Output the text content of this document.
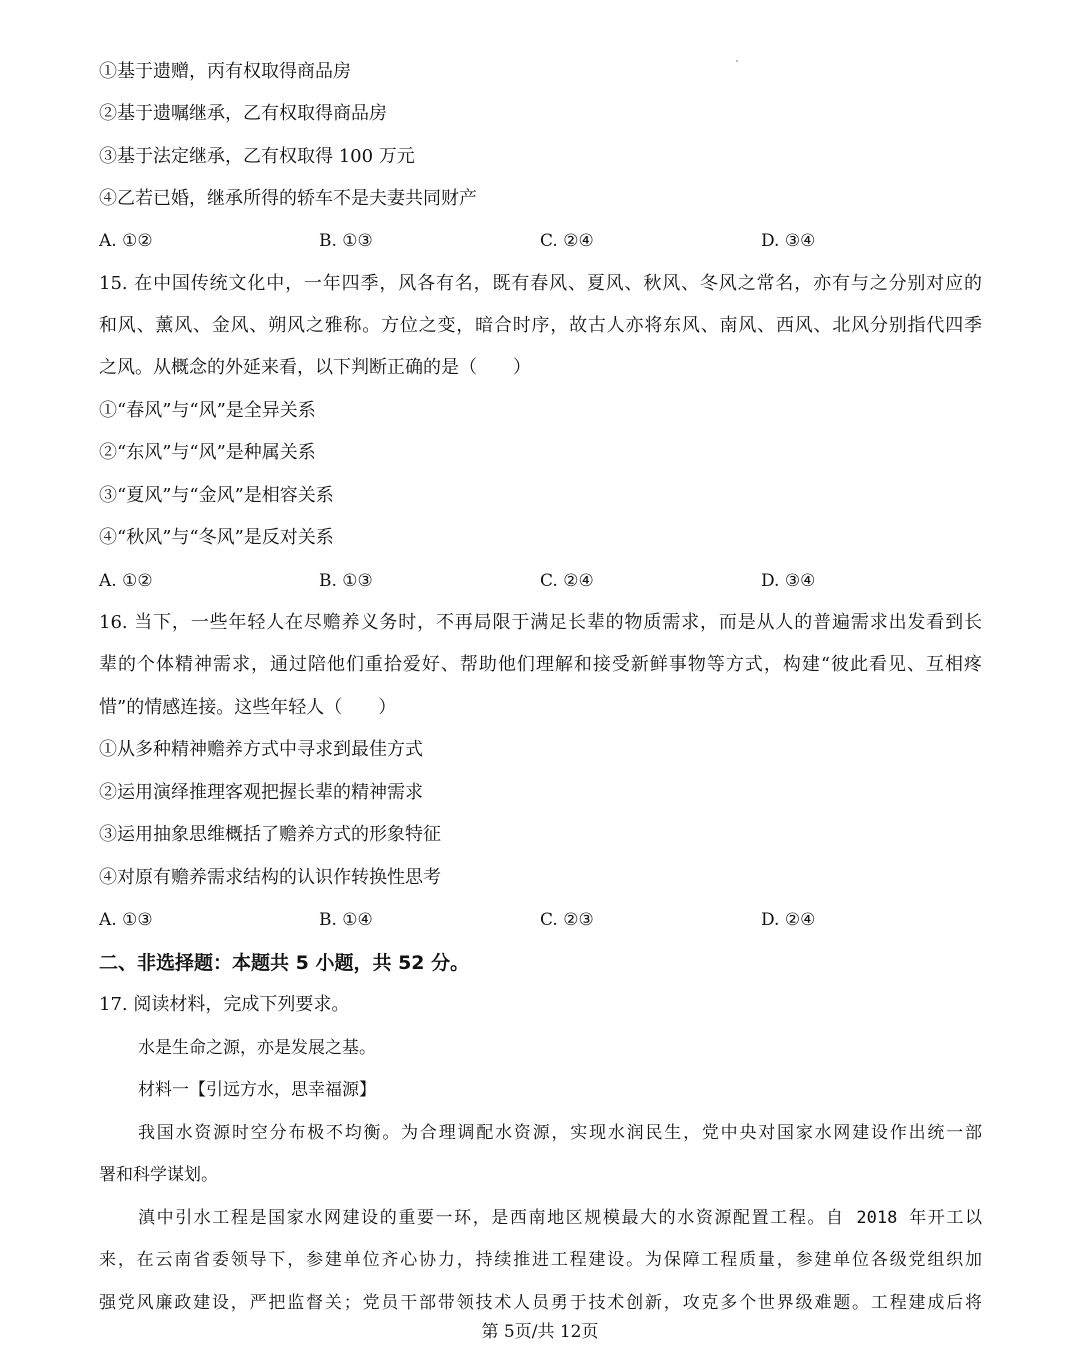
①基于遗赠，丙有权取得商品房
②基于遗嘱继承，乙有权取得商品房
③基于法定继承，乙有权取得 100 万元
④乙若已婚，继承所得的轿车不是夫妻共同财产
A. ①②	B. ①③	C. ②④	D. ③④
15. 在中国传统文化中，一年四季，风各有名，既有春风、夏风、秋风、冬风之常名，亦有与之分别对应的
和风、薰风、金风、朔风之雅称。方位之变，暗合时序，故古人亦将东风、南风、西风、北风分别指代四季
之风。从概念的外延来看，以下判断正确的是（　　）
①“春风”与“风”是全异关系
②“东风”与“风”是种属关系
③“夏风”与“金风”是相容关系
④“秋风”与“冬风”是反对关系
A. ①②	B. ①③	C. ②④	D. ③④
16. 当下，一些年轻人在尽赡养义务时，不再局限于满足长辈的物质需求，而是从人的普遍需求出发看到长
辈的个体精神需求，通过陪他们重拾爱好、帮助他们理解和接受新鲜事物等方式，构建“彼此看见、互相疼
惜”的情感连接。这些年轻人（　　）
①从多种精神赡养方式中寻求到最佳方式
②运用演绎推理客观把握长辈的精神需求
③运用抽象思维概括了赡养方式的形象特征
④对原有赡养需求结构的认识作转换性思考
A. ①③	B. ①④	C. ②③	D. ②④
二、非选择题：本题共 5 小题，共 52 分。
17. 阅读材料，完成下列要求。
水是生命之源，亦是发展之基。
材料一【引远方水，思幸福源】
我国水资源时空分布极不均衡。为合理调配水资源，实现水润民生，党中央对国家水网建设作出统一部
署和科学谋划。
滇中引水工程是国家水网建设的重要一环，是西南地区规模最大的水资源配置工程。自 2018 年开工以
来，在云南省委领导下，参建单位齐心协力，持续推进工程建设。为保障工程质量，参建单位各级党组织加
强党风廉政建设，严把监督关；党员干部带领技术人员勇于技术创新，攻克多个世界级难题。工程建成后将
第 5页/共 12页
